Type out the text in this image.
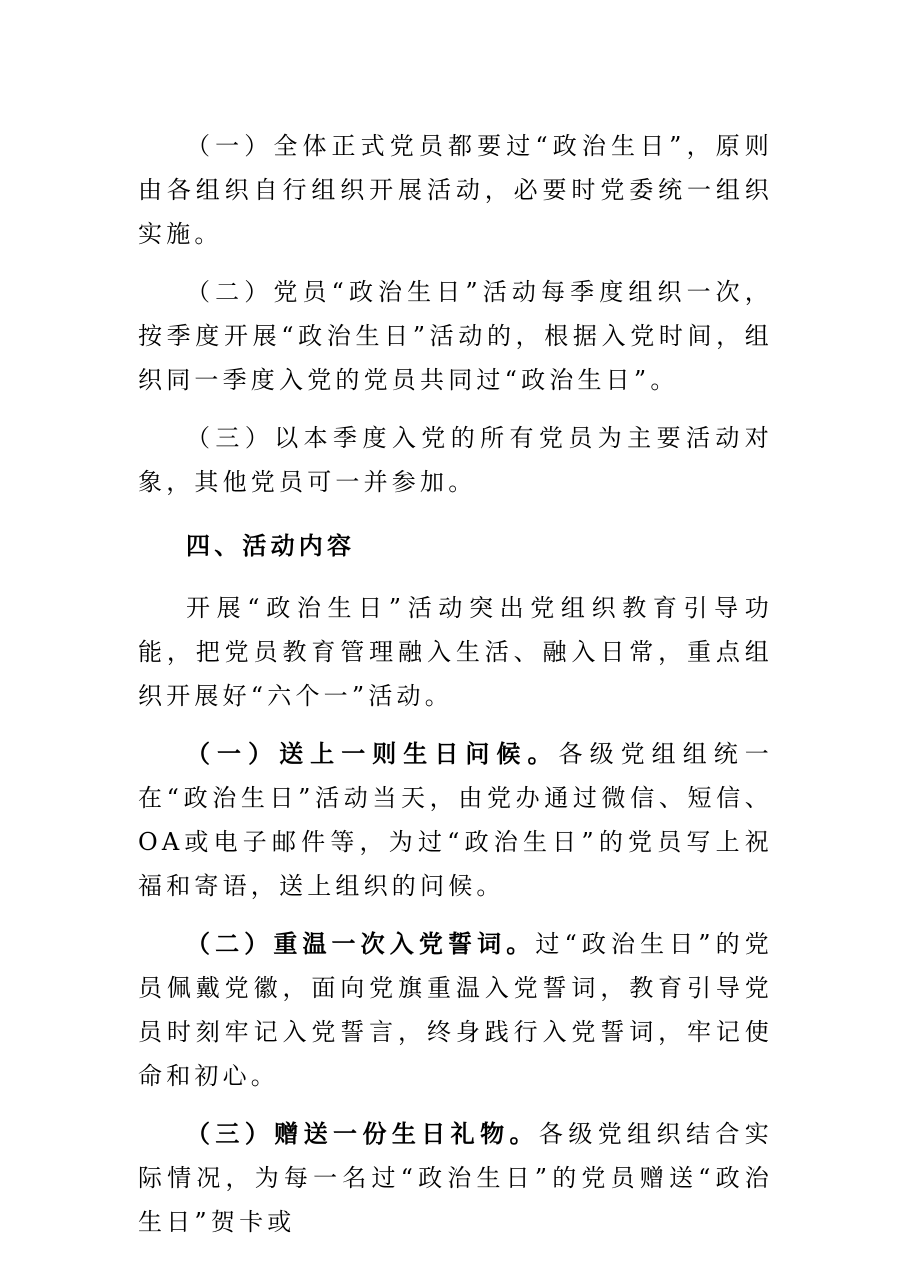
（一）全体正式党员都要过“政治生日”，原则由各组织自行组织开展活动，必要时党委统一组织实施。

（二）党员“政治生日”活动每季度组织一次，按季度开展“政治生日”活动的，根据入党时间，组织同一季度入党的党员共同过“政治生日”。

（三）以本季度入党的所有党员为主要活动对象，其他党员可一并参加。

四、活动内容

开展“政治生日”活动突出党组织教育引导功能，把党员教育管理融入生活、融入日常，重点组织开展好“六个一”活动。

（一）送上一则生日问候。各级党组组统一在“政治生日”活动当天，由党办通过微信、短信、OA或电子邮件等，为过“政治生日”的党员写上祝福和寄语，送上组织的问候。

（二）重温一次入党誓词。过“政治生日”的党员佩戴党徽，面向党旗重温入党誓词，教育引导党员时刻牢记入党誓言，终身践行入党誓词，牢记使命和初心。

（三）赠送一份生日礼物。各级党组织结合实际情况，为每一名过“政治生日”的党员赠送“政治生日”贺卡或
